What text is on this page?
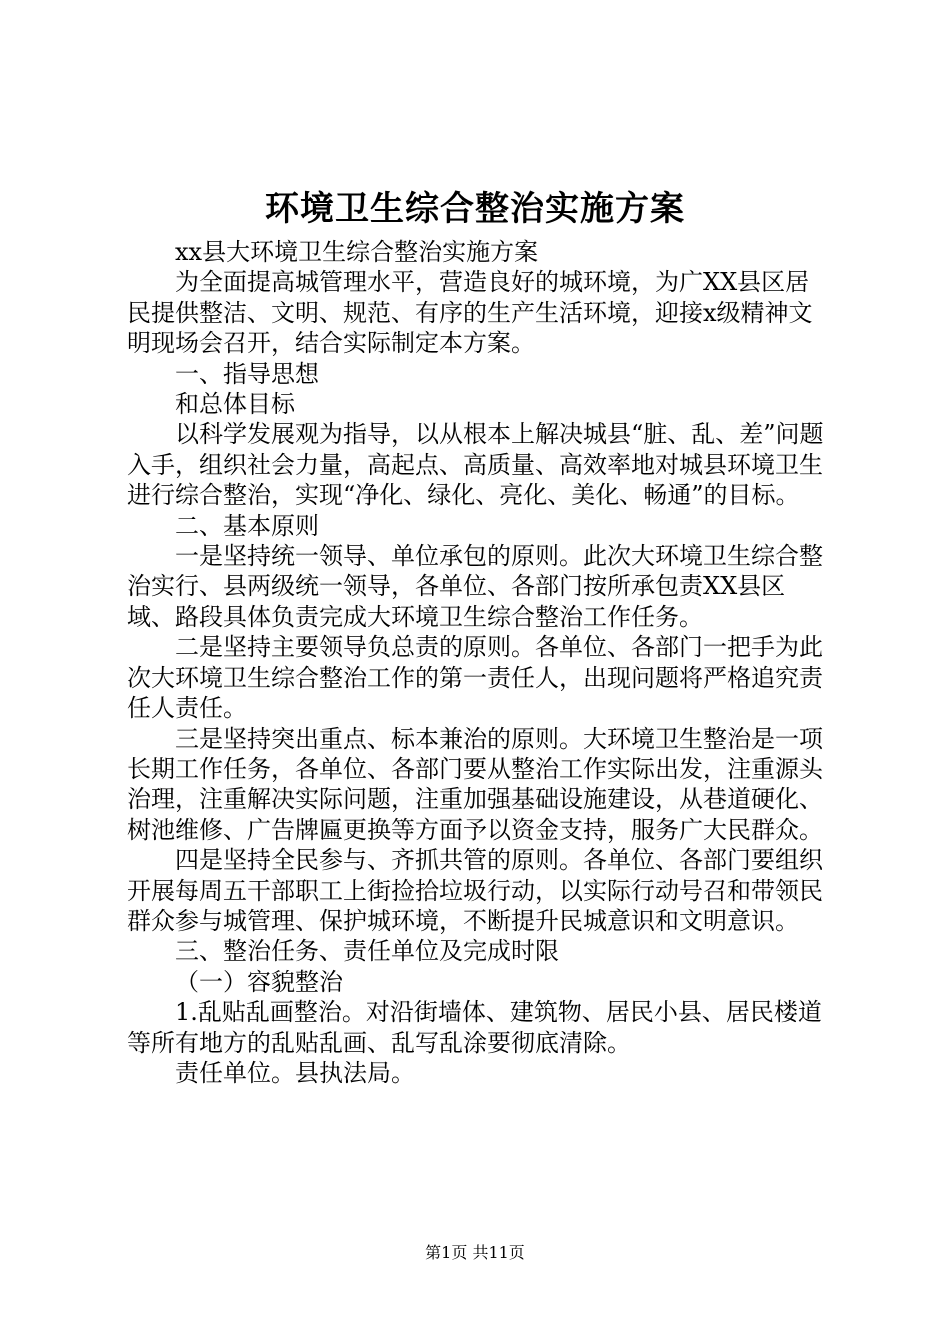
环境卫生综合整治实施方案

xx县大环境卫生综合整治实施方案

为全面提高城管理水平，营造良好的城环境，为广XX县区居民提供整洁、文明、规范、有序的生产生活环境，迎接x级精神文明现场会召开，结合实际制定本方案。

一、指导思想

和总体目标

以科学发展观为指导，以从根本上解决城县“脏、乱、差”问题入手，组织社会力量，高起点、高质量、高效率地对城县环境卫生进行综合整治，实现“净化、绿化、亮化、美化、畅通”的目标。

二、基本原则

一是坚持统一领导、单位承包的原则。此次大环境卫生综合整治实行、县两级统一领导，各单位、各部门按所承包责XX县区域、路段具体负责完成大环境卫生综合整治工作任务。

二是坚持主要领导负总责的原则。各单位、各部门一把手为此次大环境卫生综合整治工作的第一责任人，出现问题将严格追究责任人责任。

三是坚持突出重点、标本兼治的原则。大环境卫生整治是一项长期工作任务，各单位、各部门要从整治工作实际出发，注重源头治理，注重解决实际问题，注重加强基础设施建设，从巷道硬化、树池维修、广告牌匾更换等方面予以资金支持，服务广大民群众。

四是坚持全民参与、齐抓共管的原则。各单位、各部门要组织开展每周五干部职工上街捡拾垃圾行动，以实际行动号召和带领民群众参与城管理、保护城环境，不断提升民城意识和文明意识。

三、整治任务、责任单位及完成时限

（一）容貌整治

1.乱贴乱画整治。对沿街墙体、建筑物、居民小县、居民楼道等所有地方的乱贴乱画、乱写乱涂要彻底清除。

责任单位。县执法局。

第1页 共11页
